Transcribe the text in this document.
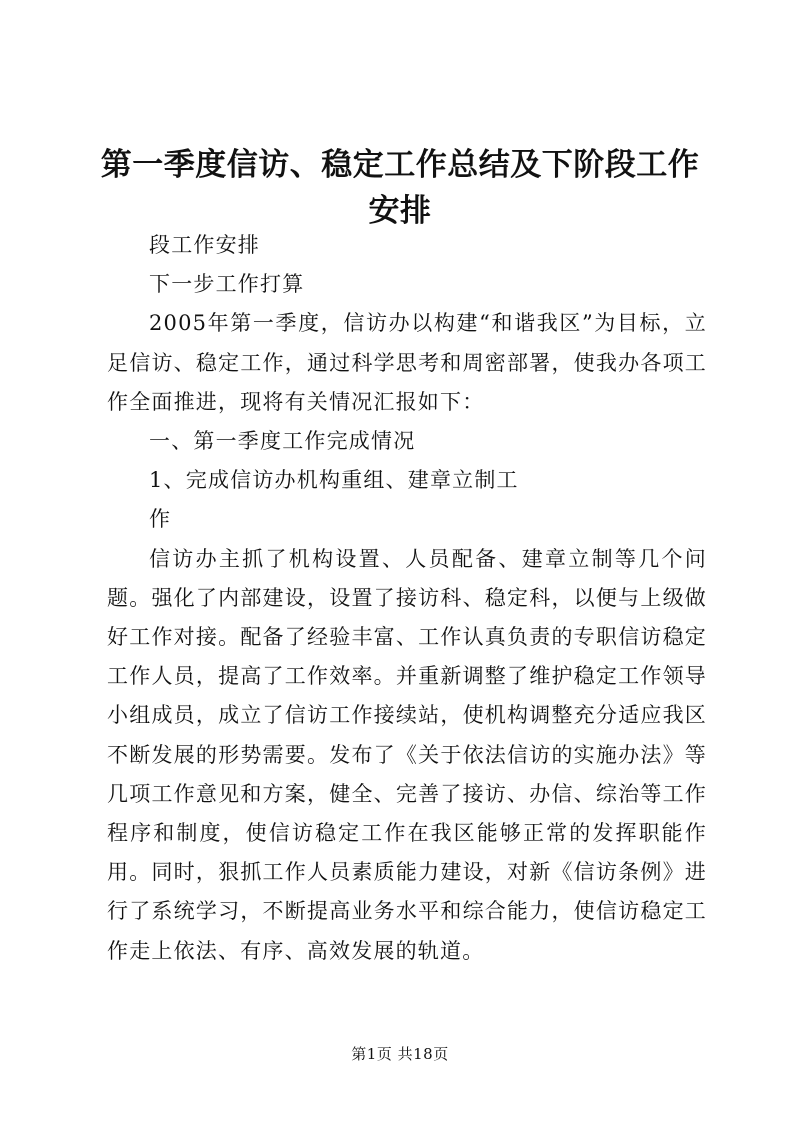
第一季度信访、稳定工作总结及下阶段工作安排

段工作安排

下一步工作打算

2005年第一季度，信访办以构建“和谐我区”为目标，立足信访、稳定工作，通过科学思考和周密部署，使我办各项工作全面推进，现将有关情况汇报如下：

一、第一季度工作完成情况

1、完成信访办机构重组、建章立制工

作

信访办主抓了机构设置、人员配备、建章立制等几个问题。强化了内部建设，设置了接访科、稳定科，以便与上级做好工作对接。配备了经验丰富、工作认真负责的专职信访稳定工作人员，提高了工作效率。并重新调整了维护稳定工作领导小组成员，成立了信访工作接续站，使机构调整充分适应我区不断发展的形势需要。发布了《关于依法信访的实施办法》等几项工作意见和方案，健全、完善了接访、办信、综治等工作程序和制度，使信访稳定工作在我区能够正常的发挥职能作用。同时，狠抓工作人员素质能力建设，对新《信访条例》进行了系统学习，不断提高业务水平和综合能力，使信访稳定工作走上依法、有序、高效发展的轨道。

第1页 共18页
